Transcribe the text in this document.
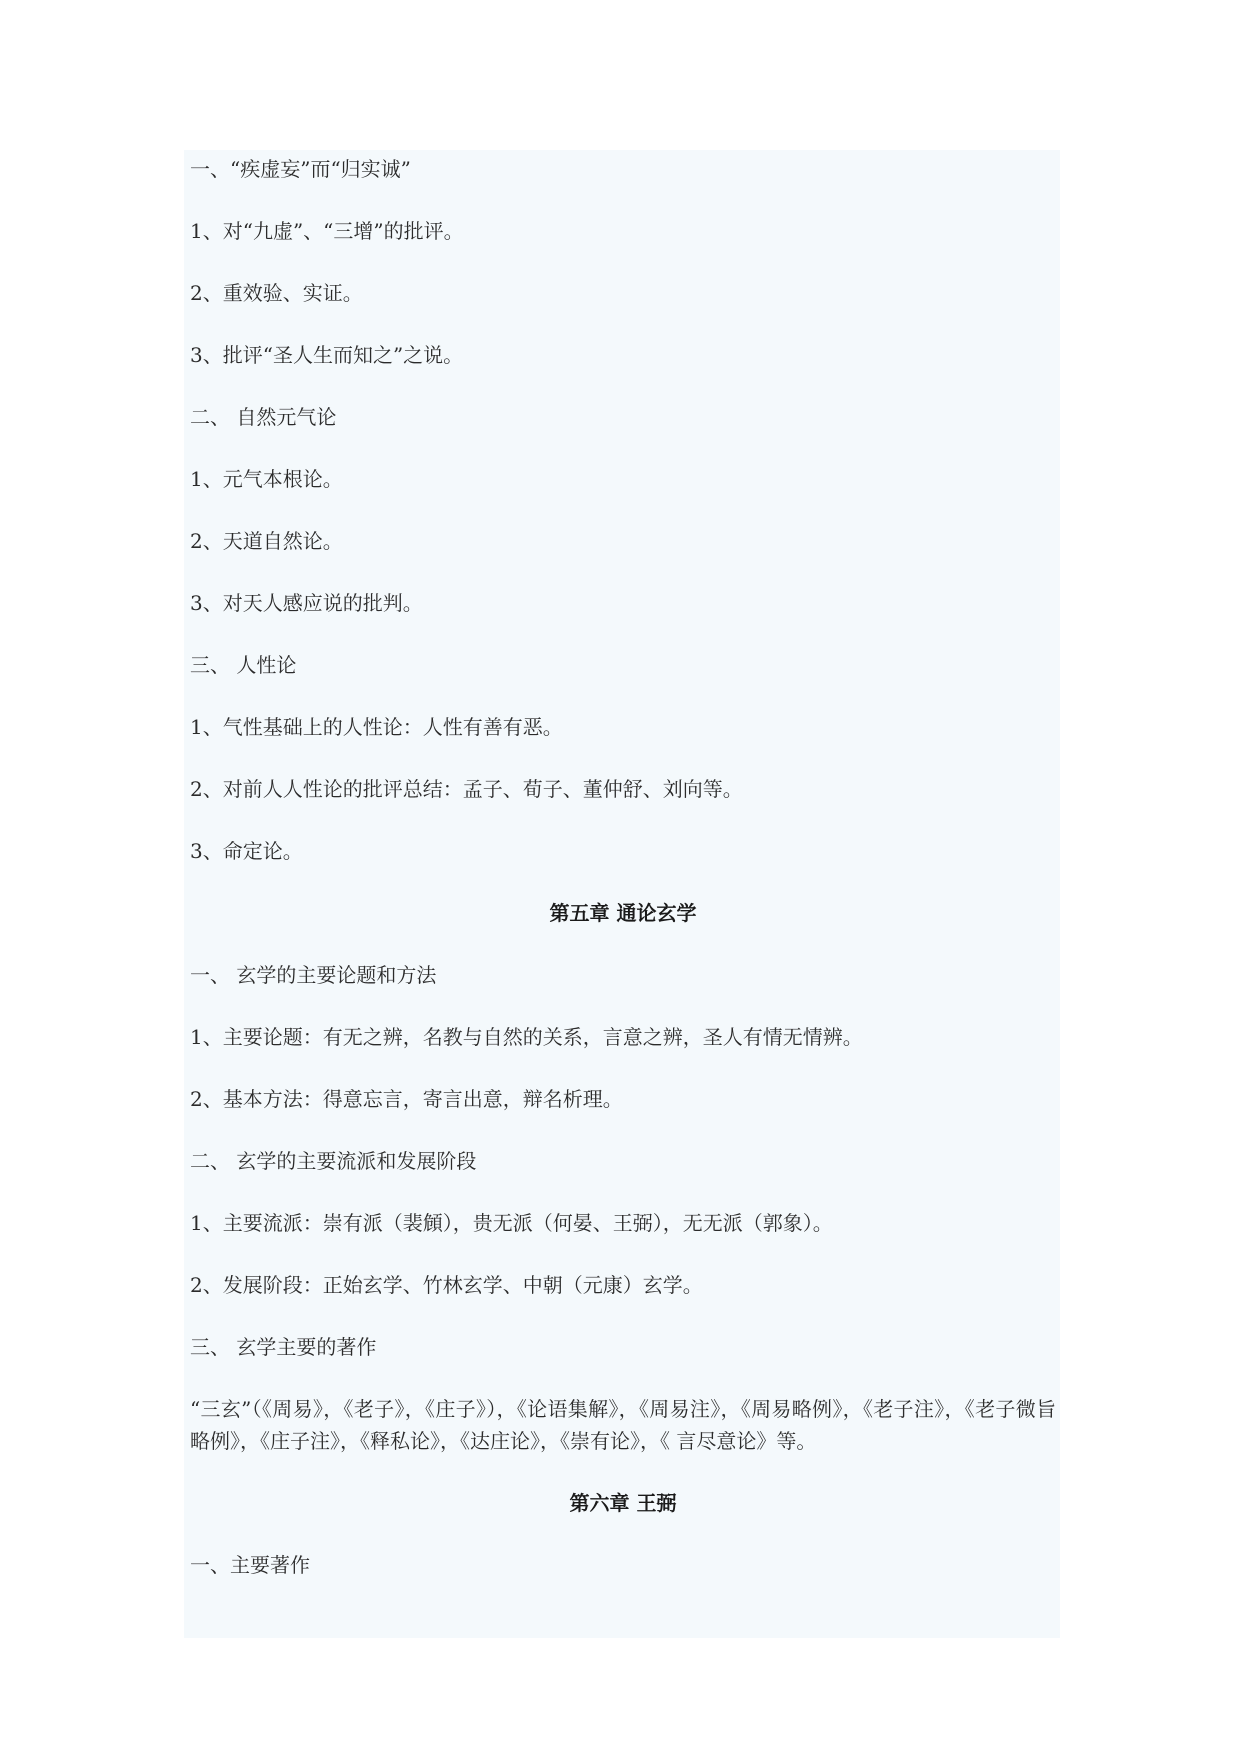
一、“疾虚妄”而“归实诚”
1、对“九虚”、“三增”的批评。
2、重效验、实证。
3、批评“圣人生而知之”之说。
二、 自然元气论
1、元气本根论。
2、天道自然论。
3、对天人感应说的批判。
三、 人性论
1、气性基础上的人性论：人性有善有恶。
2、对前人人性论的批评总结：孟子、荀子、董仲舒、刘向等。
3、命定论。
第五章 通论玄学
一、 玄学的主要论题和方法
1、主要论题：有无之辨，名教与自然的关系，言意之辨，圣人有情无情辨。
2、基本方法：得意忘言，寄言出意，辩名析理。
二、 玄学的主要流派和发展阶段
1、主要流派：崇有派（裴頠），贵无派（何晏、王弼），无无派（郭象）。
2、发展阶段：正始玄学、竹林玄学、中朝（元康）玄学。
三、 玄学主要的著作
“三玄”（《周易》，《老子》，《庄子》），《论语集解》，《周易注》，《周易略例》，《老子注》，《老子微旨略例》，《庄子注》，《释私论》，《达庄论》，《崇有论》，《 言尽意论》等。
第六章 王弼
一、主要著作
